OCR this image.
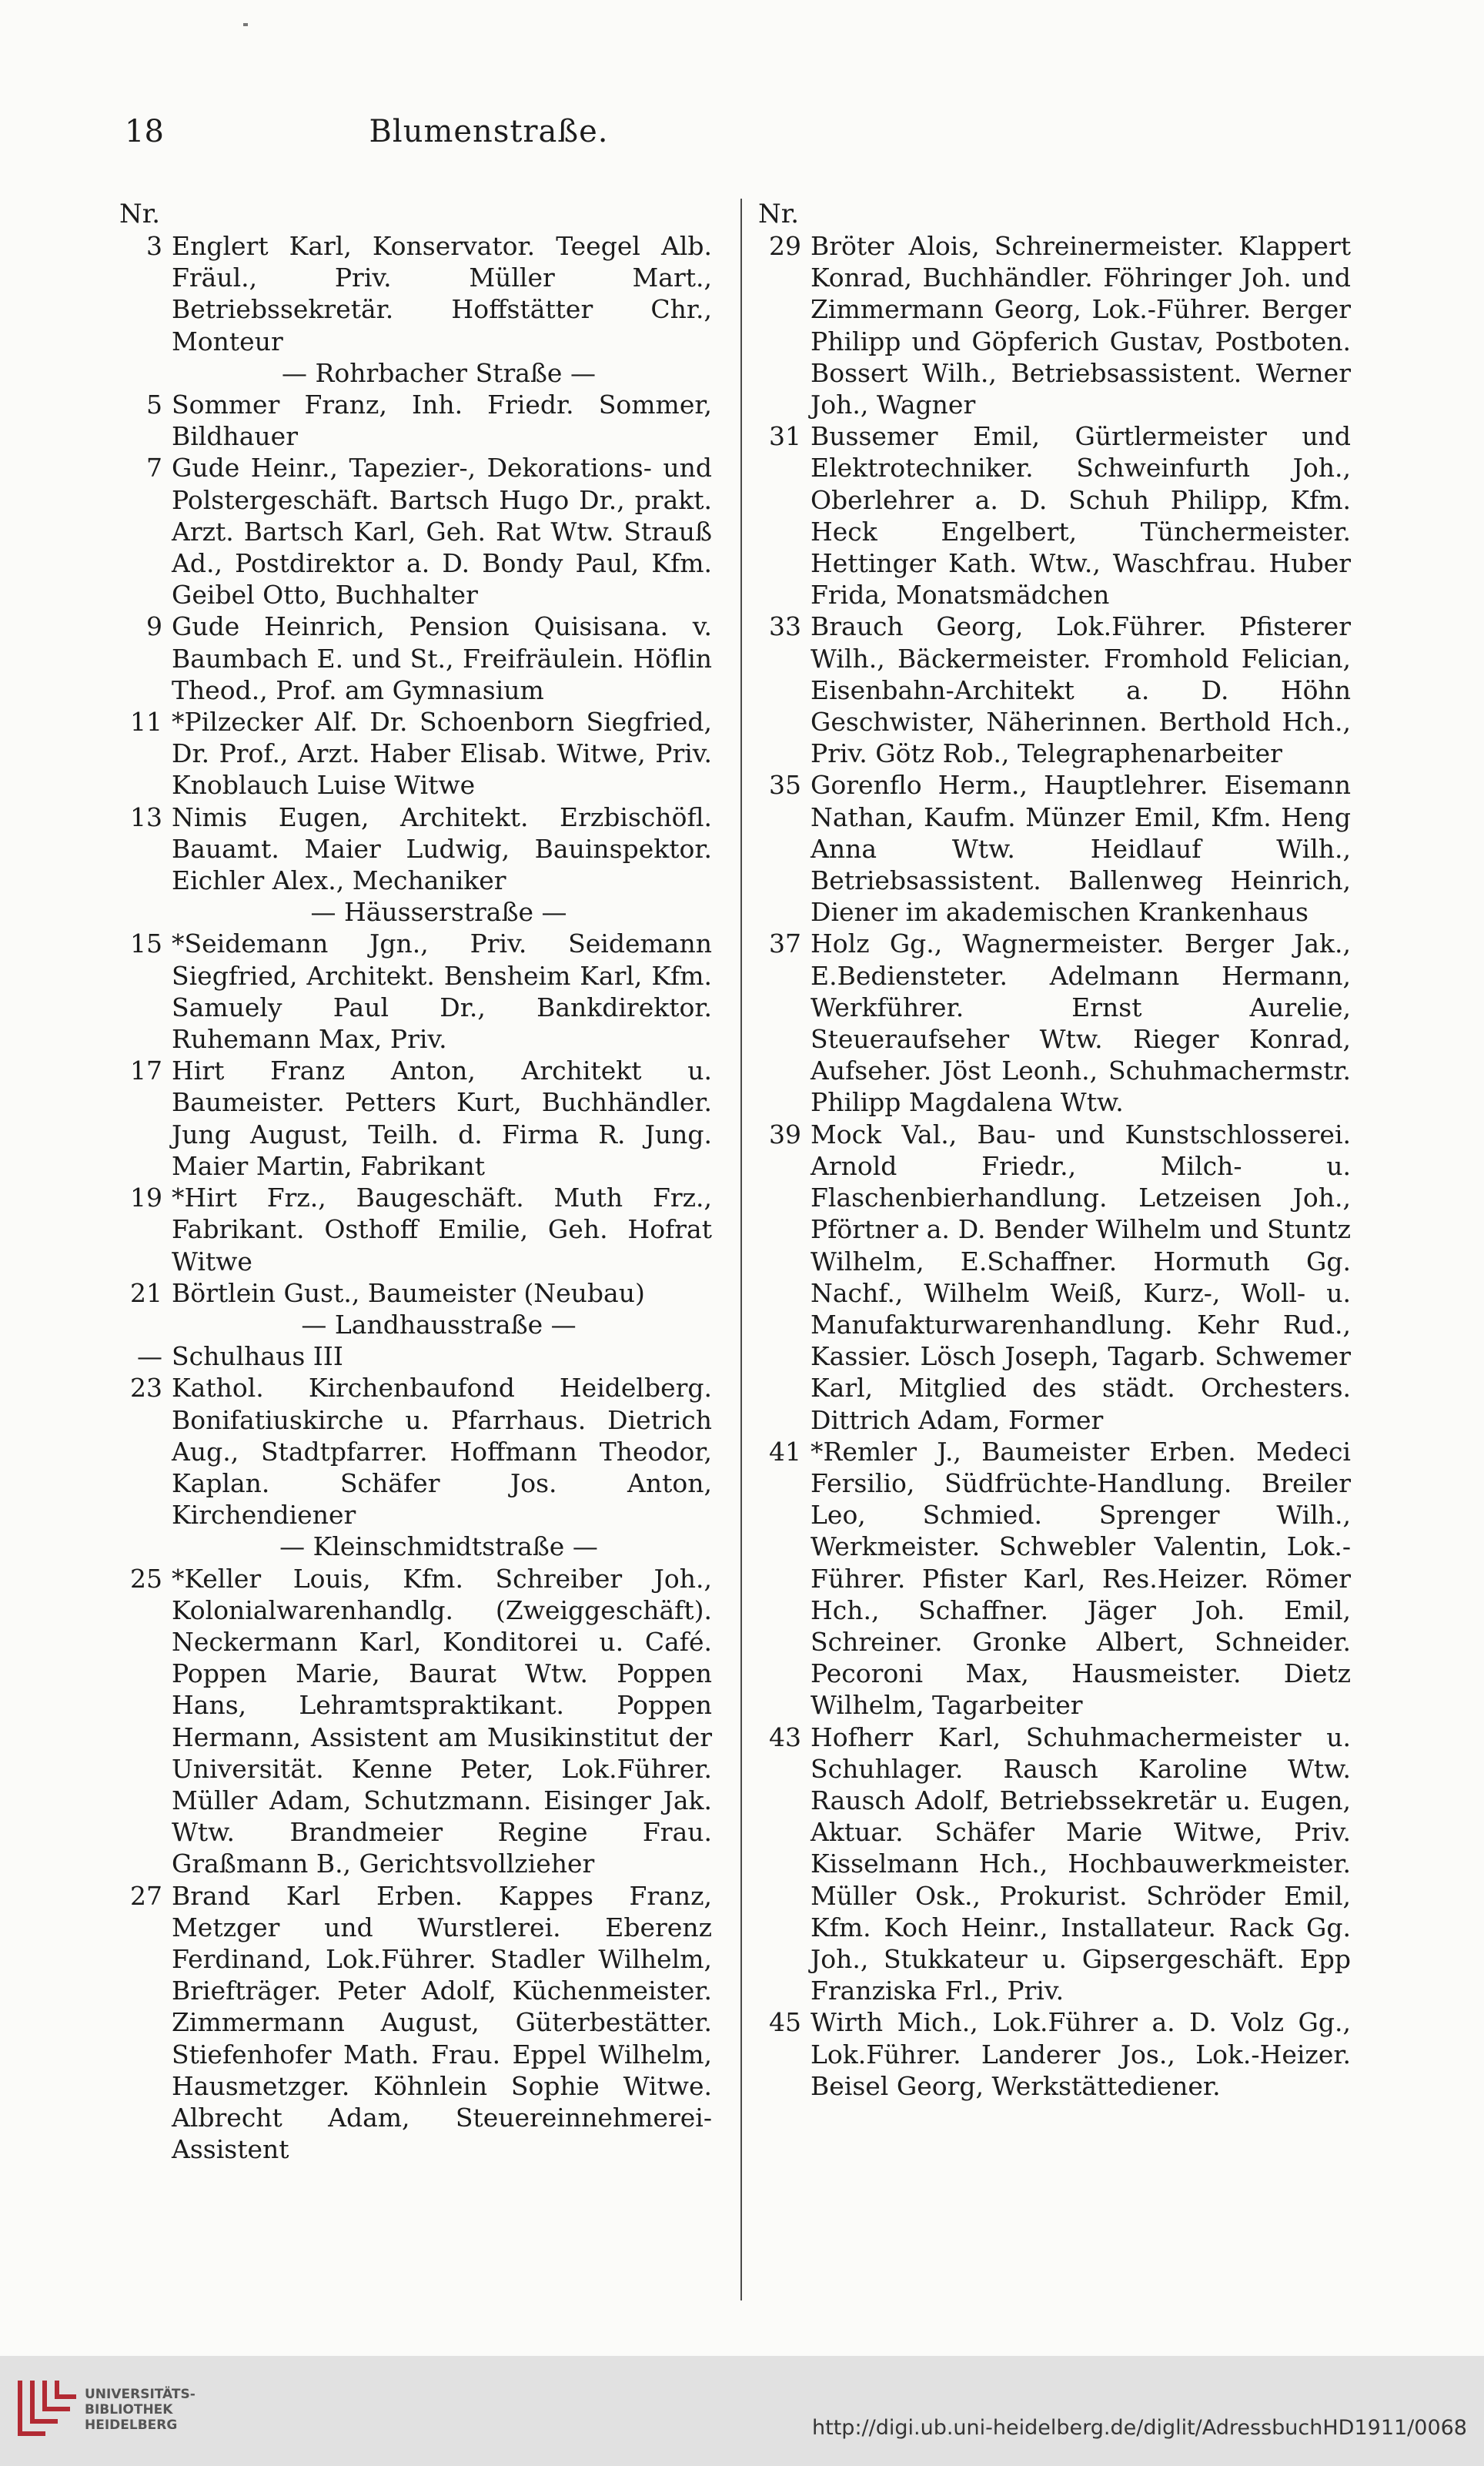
18	Blumenstraße.
Nr.
3 Englert Karl, Konservator. Teegel Alb. Fräul., Priv. Müller Mart., Betriebssekretär. Hoffstätter Chr., Monteur
— Rohrbacher Straße —
5 Sommer Franz, Inh. Friedr. Sommer, Bildhauer
7 Gude Heinr., Tapezier-, Dekorations- und Polstergeschäft. Bartsch Hugo Dr., prakt. Arzt. Bartsch Karl, Geh. Rat Wtw. Strauß Ad., Postdirektor a. D. Bondy Paul, Kfm. Geibel Otto, Buchhalter
9 Gude Heinrich, Pension Quisisana. v. Baumbach E. und St., Freifräulein. Höflin Theod., Prof. am Gymnasium
11 *Pilzecker Alf. Dr. Schoenborn Siegfried, Dr. Prof., Arzt. Haber Elisab. Witwe, Priv. Knoblauch Luise Witwe
13 Nimis Eugen, Architekt. Erzbischöfl. Bauamt. Maier Ludwig, Bauinspektor. Eichler Alex., Mechaniker
— Häusserstraße —
15 *Seidemann Jgn., Priv. Seidemann Siegfried, Architekt. Bensheim Karl, Kfm. Samuely Paul Dr., Bankdirektor. Ruhemann Max, Priv.
17 Hirt Franz Anton, Architekt u. Baumeister. Petters Kurt, Buchhändler. Jung August, Teilh. d. Firma R. Jung. Maier Martin, Fabrikant
19 *Hirt Frz., Baugeschäft. Muth Frz., Fabrikant. Osthoff Emilie, Geh. Hofrat Witwe
21 Börtlein Gust., Baumeister (Neubau)
— Landhausstraße —
— Schulhaus III
23 Kathol. Kirchenbaufond Heidelberg. Bonifatiuskirche u. Pfarrhaus. Dietrich Aug., Stadtpfarrer. Hoffmann Theodor, Kaplan. Schäfer Jos. Anton, Kirchendiener
— Kleinschmidtstraße —
25 *Keller Louis, Kfm. Schreiber Joh., Kolonialwarenhandlg. (Zweiggeschäft). Neckermann Karl, Konditorei u. Café. Poppen Marie, Baurat Wtw. Poppen Hans, Lehramtspraktikant. Poppen Hermann, Assistent am Musikinstitut der Universität. Kenne Peter, Lok.Führer. Müller Adam, Schutzmann. Eisinger Jak. Wtw. Brandmeier Regine Frau. Graßmann B., Gerichtsvollzieher
27 Brand Karl Erben. Kappes Franz, Metzger und Wurstlerei. Eberenz Ferdinand, Lok.Führer. Stadler Wilhelm, Briefträger. Peter Adolf, Küchenmeister. Zimmermann August, Güterbestätter. Stiefenhofer Math. Frau. Eppel Wilhelm, Hausmetzger. Köhnlein Sophie Witwe. Albrecht Adam, Steuereinnehmerei-Assistent
Nr.
29 Bröter Alois, Schreinermeister. Klappert Konrad, Buchhändler. Föhringer Joh. und Zimmermann Georg, Lok.-Führer. Berger Philipp und Göpferich Gustav, Postboten. Bossert Wilh., Betriebsassistent. Werner Joh., Wagner
31 Bussemer Emil, Gürtlermeister und Elektrotechniker. Schweinfurth Joh., Oberlehrer a. D. Schuh Philipp, Kfm. Heck Engelbert, Tünchermeister. Hettinger Kath. Wtw., Waschfrau. Huber Frida, Monatsmädchen
33 Brauch Georg, Lok.Führer. Pfisterer Wilh., Bäckermeister. Fromhold Felician, Eisenbahn-Architekt a. D. Höhn Geschwister, Näherinnen. Berthold Hch., Priv. Götz Rob., Telegraphenarbeiter
35 Gorenflo Herm., Hauptlehrer. Eisemann Nathan, Kaufm. Münzer Emil, Kfm. Heng Anna Wtw. Heidlauf Wilh., Betriebsassistent. Ballenweg Heinrich, Diener im akademischen Krankenhaus
37 Holz Gg., Wagnermeister. Berger Jak., E.Bediensteter. Adelmann Hermann, Werkführer. Ernst Aurelie, Steueraufseher Wtw. Rieger Konrad, Aufseher. Jöst Leonh., Schuhmachermstr. Philipp Magdalena Wtw.
39 Mock Val., Bau- und Kunstschlosserei. Arnold Friedr., Milch- u. Flaschenbierhandlung. Letzeisen Joh., Pförtner a. D. Bender Wilhelm und Stuntz Wilhelm, E.Schaffner. Hormuth Gg. Nachf., Wilhelm Weiß, Kurz-, Woll- u. Manufakturwarenhandlung. Kehr Rud., Kassier. Lösch Joseph, Tagarb. Schwemer Karl, Mitglied des städt. Orchesters. Dittrich Adam, Former
41 *Remler J., Baumeister Erben. Medeci Fersilio, Südfrüchte-Handlung. Breiler Leo, Schmied. Sprenger Wilh., Werkmeister. Schwebler Valentin, Lok.-Führer. Pfister Karl, Res.Heizer. Römer Hch., Schaffner. Jäger Joh. Emil, Schreiner. Gronke Albert, Schneider. Pecoroni Max, Hausmeister. Dietz Wilhelm, Tagarbeiter
43 Hofherr Karl, Schuhmachermeister u. Schuhlager. Rausch Karoline Wtw. Rausch Adolf, Betriebssekretär u. Eugen, Aktuar. Schäfer Marie Witwe, Priv. Kisselmann Hch., Hochbauwerkmeister. Müller Osk., Prokurist. Schröder Emil, Kfm. Koch Heinr., Installateur. Rack Gg. Joh., Stukkateur u. Gipsergeschäft. Epp Franziska Frl., Priv.
45 Wirth Mich., Lok.Führer a. D. Volz Gg., Lok.Führer. Landerer Jos., Lok.-Heizer. Beisel Georg, Werkstättediener.
UNIVERSITÄTS-
BIBLIOTHEK
HEIDELBERG	http://digi.ub.uni-heidelberg.de/diglit/AdressbuchHD1911/0068
